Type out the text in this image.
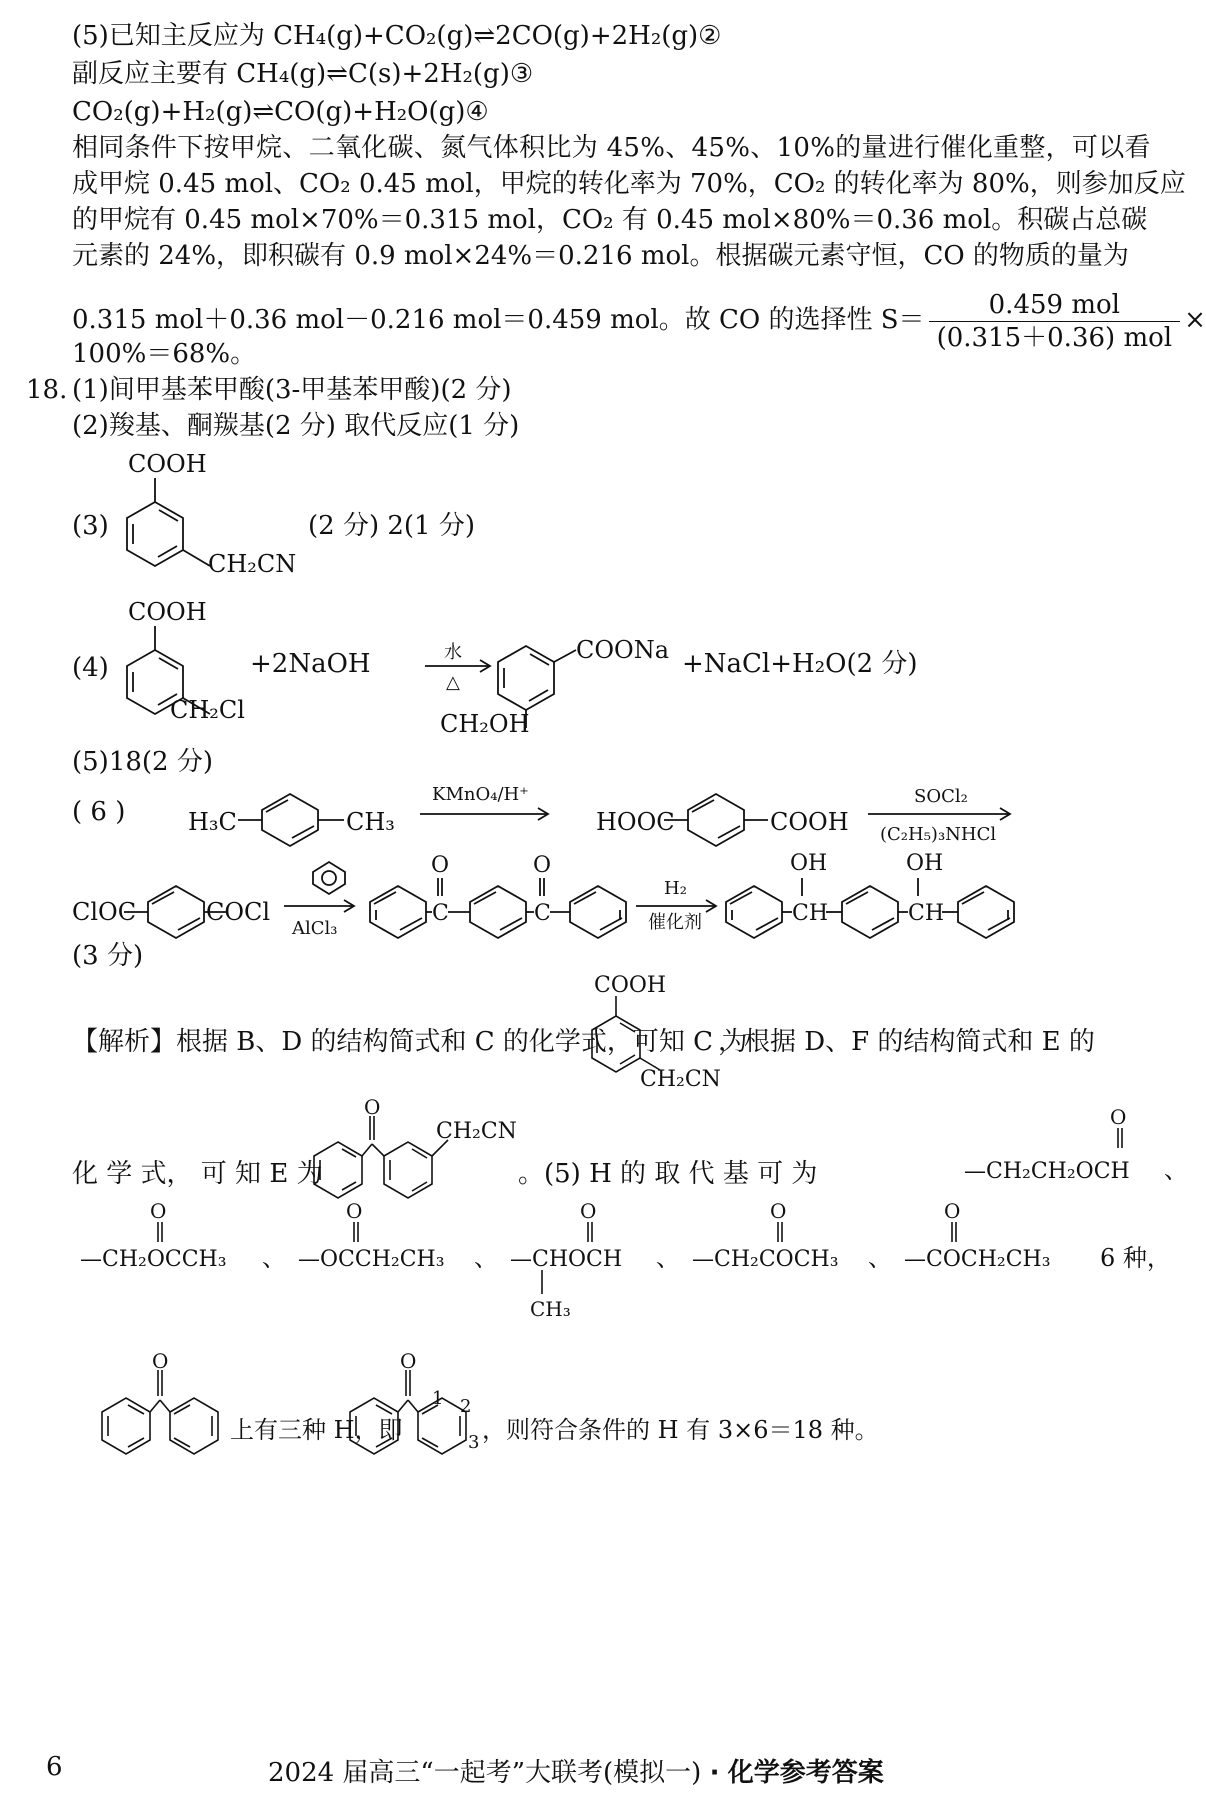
(5)已知主反应为 CH₄(g)+CO₂(g)⇌2CO(g)+2H₂(g)②
副反应主要有 CH₄(g)⇌C(s)+2H₂(g)③
CO₂(g)+H₂(g)⇌CO(g)+H₂O(g)④
相同条件下按甲烷、二氧化碳、氮气体积比为 45%、45%、10%的量进行催化重整，可以看
成甲烷 0.45 mol、CO₂ 0.45 mol，甲烷的转化率为 70%，CO₂ 的转化率为 80%，则参加反应
的甲烷有 0.45 mol×70%＝0.315 mol，CO₂ 有 0.45 mol×80%＝0.36 mol。积碳占总碳
元素的 24%，即积碳有 0.9 mol×24%＝0.216 mol。根据碳元素守恒，CO 的物质的量为
0.315 mol＋0.36 mol－0.216 mol＝0.459 mol。故 CO 的选择性 $S= \frac{\text{0.459 mol}}{\text{(0.315＋0.36) mol}}$ ×
100%＝68%。
18. (1)间甲基苯甲酸(3-甲基苯甲酸)(2 分)
(2)羧基、酮羰基(2 分) 取代反应(1 分)
(3)
COOH
CH₂CN
(2 分) 2(1 分)
(4)
COOH
CH₂Cl
+2NaOH	水
△
COONa
CH₂OH
+NaCl+H₂O(2 分)
(5)18(2 分)
( 6 )	H₃C	CH₃
KMnO₄/H⁺
HOOC	COOH
SOCl₂
(C₂H₅)₃NHCl
ClOC	COCl
AlCl₃
O
C
O
C
H₂
催化剂
OH
CH
OH
CH
(3 分)
【解析】根据 B、D 的结构简式和 C 的化学式，可知 C 为
COOH
CH₂CN
，根据 D、F 的结构简式和 E 的
化 学 式， 可 知 E 为
O
CH₂CN
。(5) H 的 取 代 基 可 为
O
—CH₂CH₂OCH 、
O	O	O	O	O
—CH₂OCCH₃ 、 —OCCH₂CH₃ 、 —CHOCH
CH₃
、 —CH₂COCH₃ 、 —COCH₂CH₃ 6 种，
O
上有三种 H，即
O
1 2
3 ，则符合条件的 H 有 3×6＝18 种。
6	2024 届高三“一起考”大联考(模拟一) · 化学参考答案
